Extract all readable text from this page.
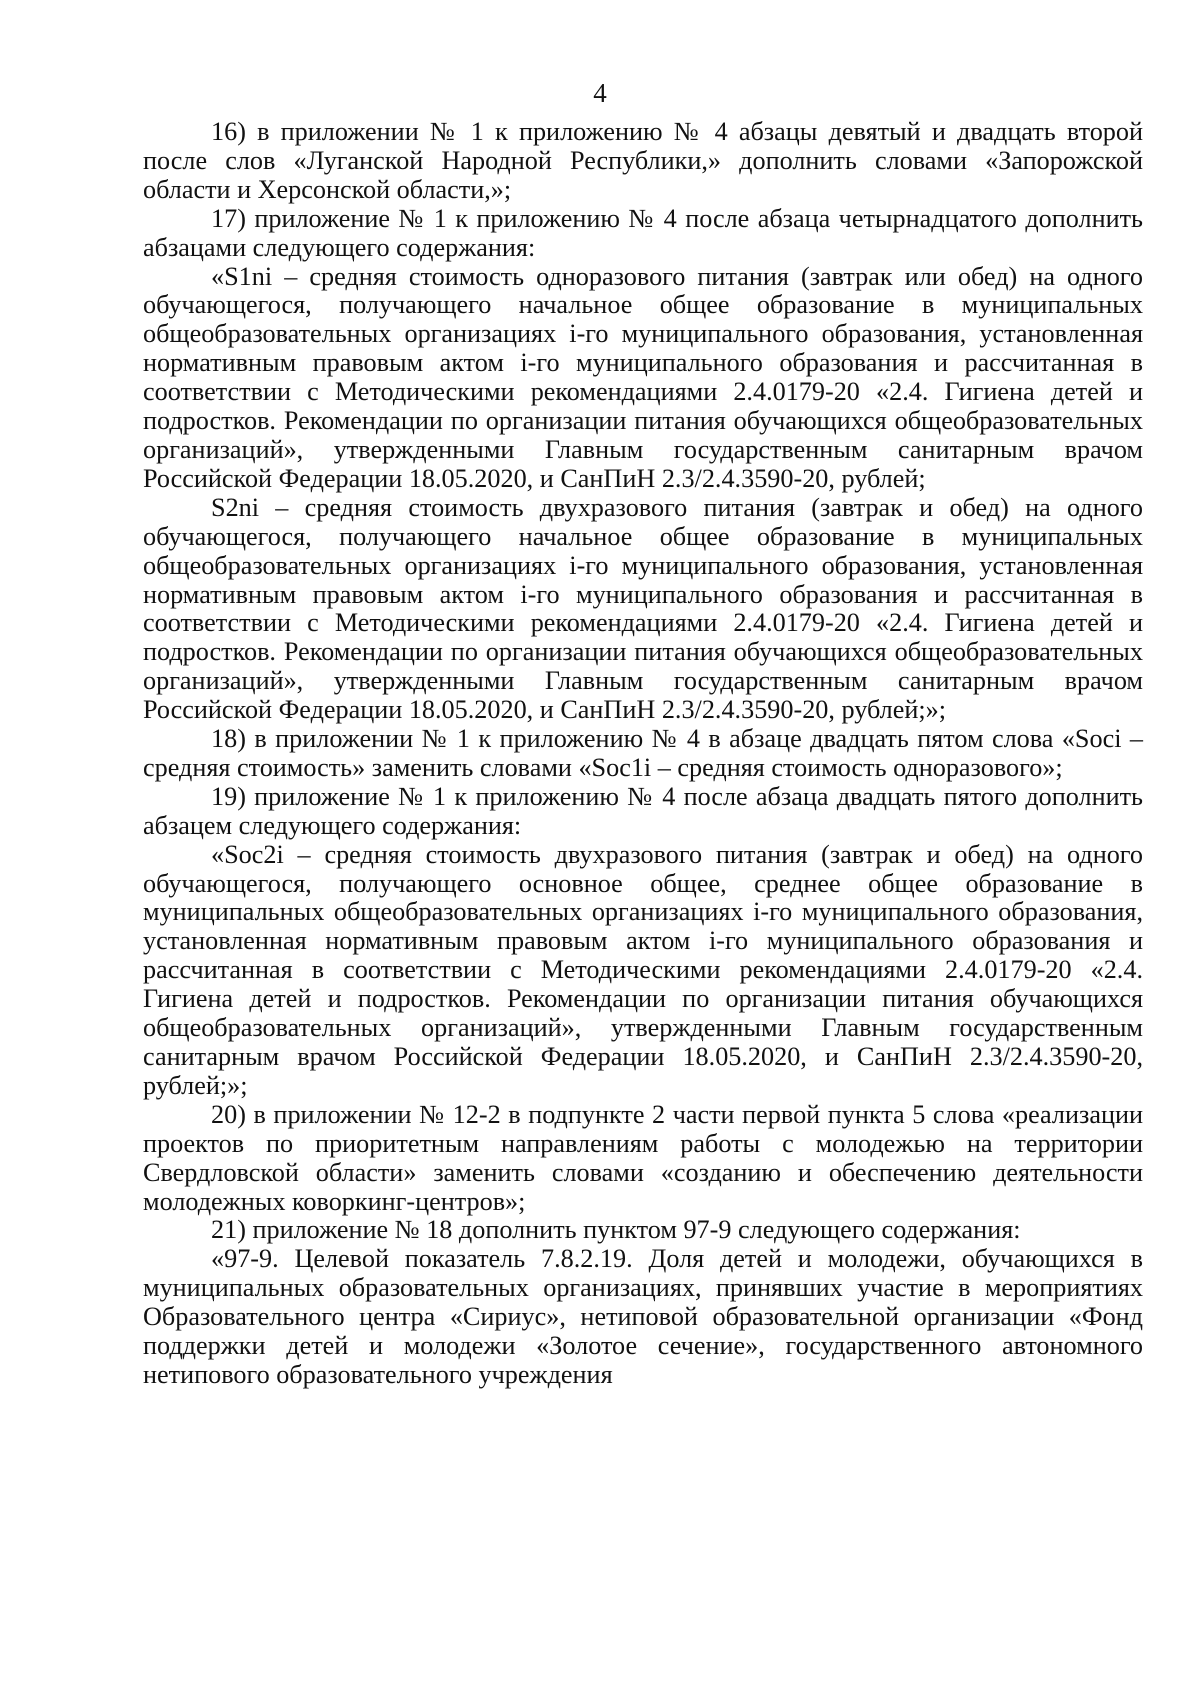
4

16) в приложении № 1 к приложению № 4 абзацы девятый и двадцать второй после слов «Луганской Народной Республики,» дополнить словами «Запорожской области и Херсонской области,»;

17) приложение № 1 к приложению № 4 после абзаца четырнадцатого дополнить абзацами следующего содержания:

«S1ni – средняя стоимость одноразового питания (завтрак или обед) на одного обучающегося, получающего начальное общее образование в муниципальных общеобразовательных организациях i-го муниципального образования, установленная нормативным правовым актом i-го муниципального образования и рассчитанная в соответствии с Методическими рекомендациями 2.4.0179-20 «2.4. Гигиена детей и подростков. Рекомендации по организации питания обучающихся общеобразовательных организаций», утвержденными Главным государственным санитарным врачом Российской Федерации 18.05.2020, и СанПиН 2.3/2.4.3590-20, рублей;

S2ni – средняя стоимость двухразового питания (завтрак и обед) на одного обучающегося, получающего начальное общее образование в муниципальных общеобразовательных организациях i-го муниципального образования, установленная нормативным правовым актом i-го муниципального образования и рассчитанная в соответствии с Методическими рекомендациями 2.4.0179-20 «2.4. Гигиена детей и подростков. Рекомендации по организации питания обучающихся общеобразовательных организаций», утвержденными Главным государственным санитарным врачом Российской Федерации 18.05.2020, и СанПиН 2.3/2.4.3590-20, рублей;»;

18) в приложении № 1 к приложению № 4 в абзаце двадцать пятом слова «Soci – средняя стоимость» заменить словами «Soc1i – средняя стоимость одноразового»;

19) приложение № 1 к приложению № 4 после абзаца двадцать пятого дополнить абзацем следующего содержания:

«Soc2i – средняя стоимость двухразового питания (завтрак и обед) на одного обучающегося, получающего основное общее, среднее общее образование в муниципальных общеобразовательных организациях i-го муниципального образования, установленная нормативным правовым актом i-го муниципального образования и рассчитанная в соответствии с Методическими рекомендациями 2.4.0179-20 «2.4. Гигиена детей и подростков. Рекомендации по организации питания обучающихся общеобразовательных организаций», утвержденными Главным государственным санитарным врачом Российской Федерации 18.05.2020, и СанПиН 2.3/2.4.3590-20, рублей;»;

20) в приложении № 12-2 в подпункте 2 части первой пункта 5 слова «реализации проектов по приоритетным направлениям работы с молодежью на территории Свердловской области» заменить словами «созданию и обеспечению деятельности молодежных коворкинг-центров»;

21) приложение № 18 дополнить пунктом 97-9 следующего содержания:

«97-9. Целевой показатель 7.8.2.19. Доля детей и молодежи, обучающихся в муниципальных образовательных организациях, принявших участие в мероприятиях Образовательного центра «Сириус», нетиповой образовательной организации «Фонд поддержки детей и молодежи «Золотое сечение», государственного автономного нетипового образовательного учреждения
